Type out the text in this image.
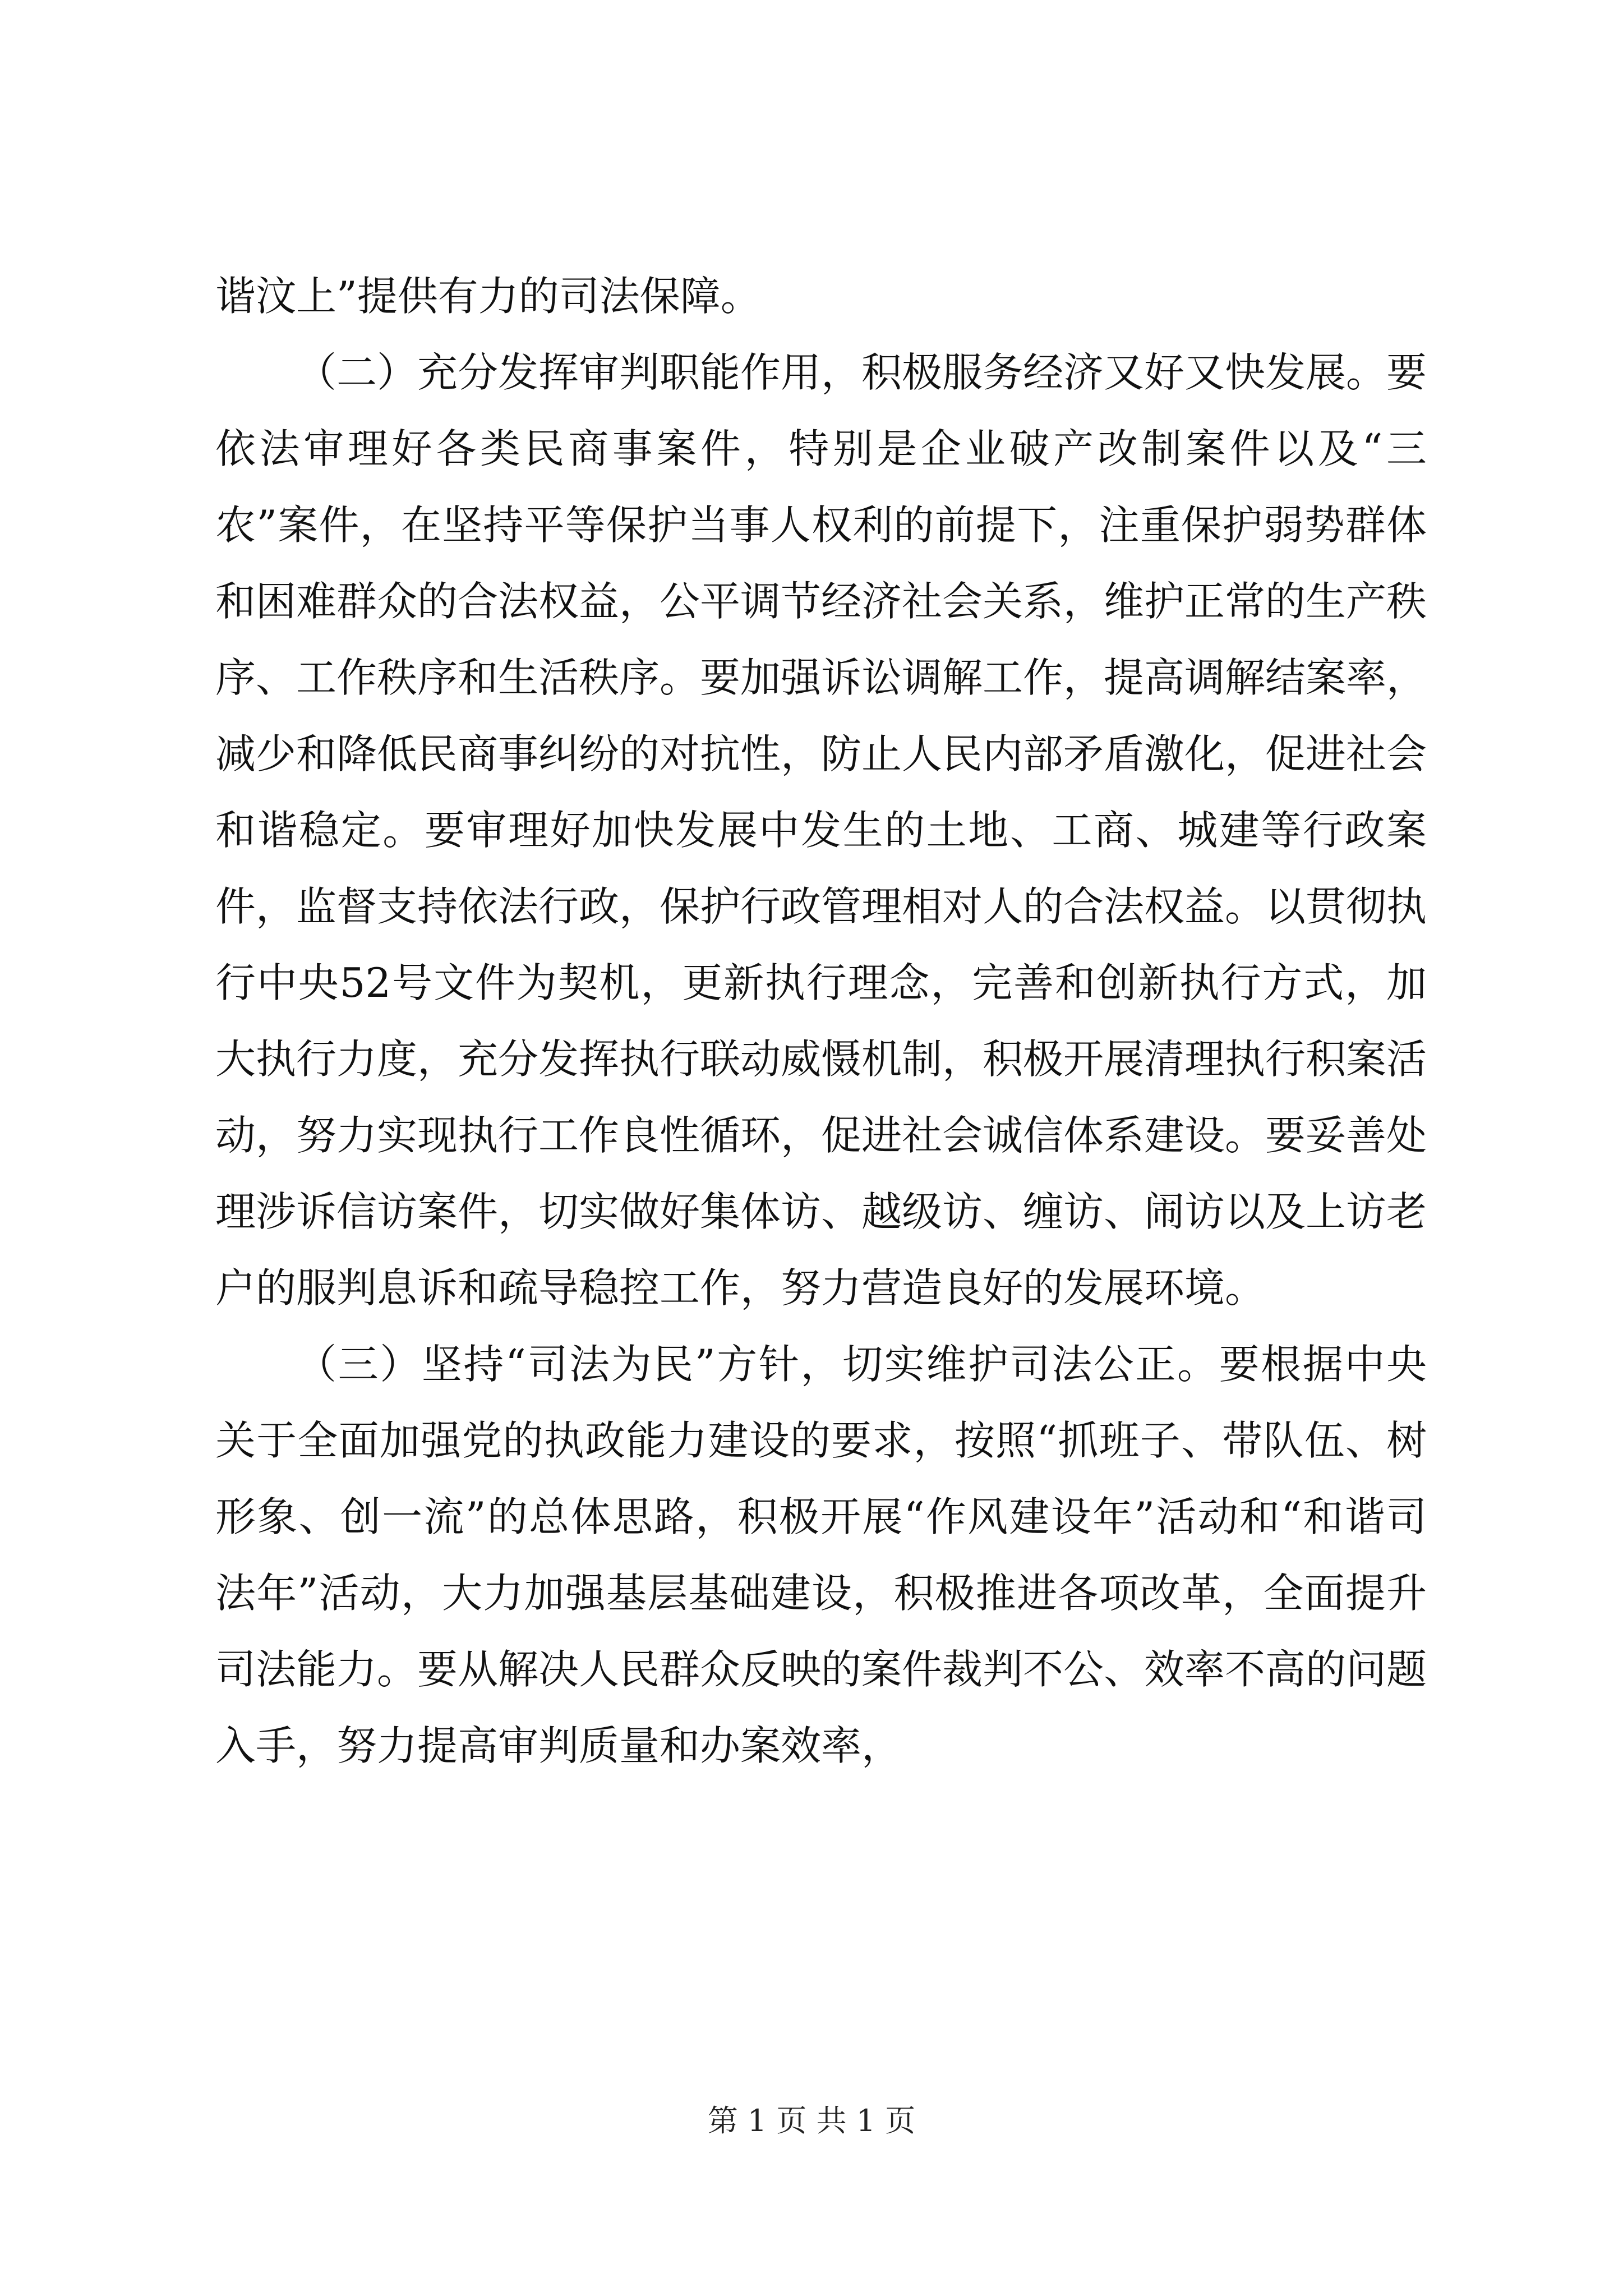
谐汶上”提供有力的司法保障。

（二）充分发挥审判职能作用，积极服务经济又好又快发展。要依法审理好各类民商事案件，特别是企业破产改制案件以及“三农”案件，在坚持平等保护当事人权利的前提下，注重保护弱势群体和困难群众的合法权益，公平调节经济社会关系，维护正常的生产秩序、工作秩序和生活秩序。要加强诉讼调解工作，提高调解结案率，减少和降低民商事纠纷的对抗性，防止人民内部矛盾激化，促进社会和谐稳定。要审理好加快发展中发生的土地、工商、城建等行政案件，监督支持依法行政，保护行政管理相对人的合法权益。以贯彻执行中央52号文件为契机，更新执行理念，完善和创新执行方式，加大执行力度，充分发挥执行联动威慑机制，积极开展清理执行积案活动，努力实现执行工作良性循环，促进社会诚信体系建设。要妥善处理涉诉信访案件，切实做好集体访、越级访、缠访、闹访以及上访老户的服判息诉和疏导稳控工作，努力营造良好的发展环境。

（三）坚持“司法为民”方针，切实维护司法公正。要根据中央关于全面加强党的执政能力建设的要求，按照“抓班子、带队伍、树形象、创一流”的总体思路，积极开展“作风建设年”活动和“和谐司法年”活动，大力加强基层基础建设，积极推进各项改革，全面提升司法能力。要从解决人民群众反映的案件裁判不公、效率不高的问题入手，努力提高审判质量和办案效率，

第 1 页 共 1 页
